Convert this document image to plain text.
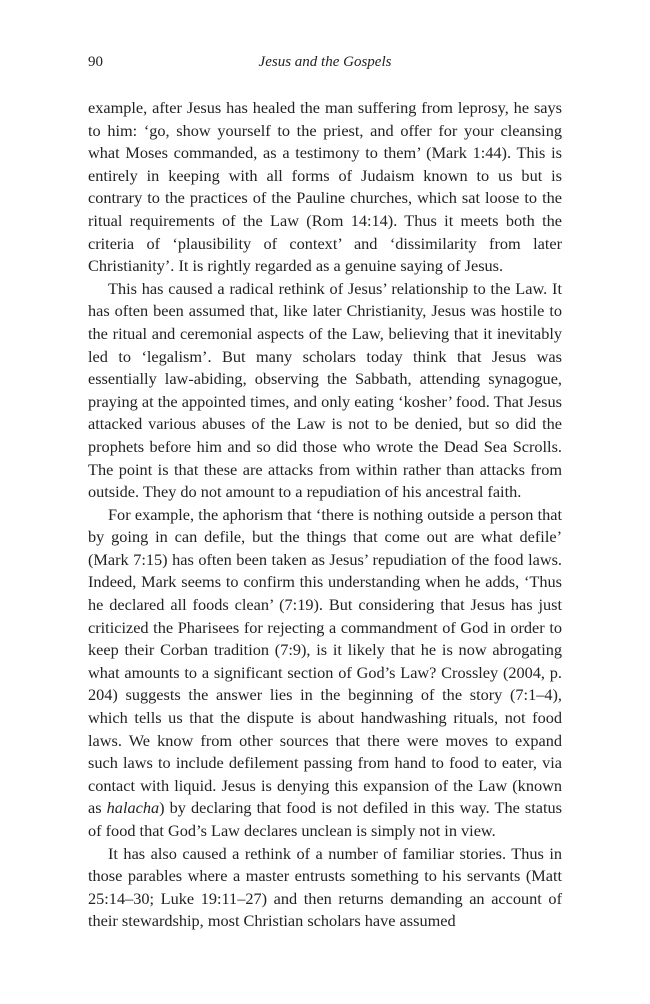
90	Jesus and the Gospels

example, after Jesus has healed the man suffering from leprosy, he says to him: ‘go, show yourself to the priest, and offer for your cleansing what Moses commanded, as a testimony to them’ (Mark 1:44). This is entirely in keeping with all forms of Judaism known to us but is contrary to the practices of the Pauline churches, which sat loose to the ritual requirements of the Law (Rom 14:14). Thus it meets both the criteria of ‘plausibility of context’ and ‘dissimilarity from later Christianity’. It is rightly regarded as a genuine saying of Jesus.

This has caused a radical rethink of Jesus’ relationship to the Law. It has often been assumed that, like later Christianity, Jesus was hostile to the ritual and ceremonial aspects of the Law, believing that it inevitably led to ‘legalism’. But many scholars today think that Jesus was essentially law-abiding, observing the Sabbath, attending synagogue, praying at the appointed times, and only eating ‘kosher’ food. That Jesus attacked various abuses of the Law is not to be denied, but so did the prophets before him and so did those who wrote the Dead Sea Scrolls. The point is that these are attacks from within rather than attacks from outside. They do not amount to a repudiation of his ancestral faith.

For example, the aphorism that ‘there is nothing outside a person that by going in can defile, but the things that come out are what defile’ (Mark 7:15) has often been taken as Jesus’ repudiation of the food laws. Indeed, Mark seems to confirm this understanding when he adds, ‘Thus he declared all foods clean’ (7:19). But considering that Jesus has just criticized the Pharisees for rejecting a commandment of God in order to keep their Corban tradition (7:9), is it likely that he is now abrogating what amounts to a significant section of God’s Law? Crossley (2004, p. 204) suggests the answer lies in the beginning of the story (7:1–4), which tells us that the dispute is about handwashing rituals, not food laws. We know from other sources that there were moves to expand such laws to include defilement passing from hand to food to eater, via contact with liquid. Jesus is denying this expansion of the Law (known as halacha) by declaring that food is not defiled in this way. The status of food that God’s Law declares unclean is simply not in view.

It has also caused a rethink of a number of familiar stories. Thus in those parables where a master entrusts something to his servants (Matt 25:14–30; Luke 19:11–27) and then returns demanding an account of their stewardship, most Christian scholars have assumed
